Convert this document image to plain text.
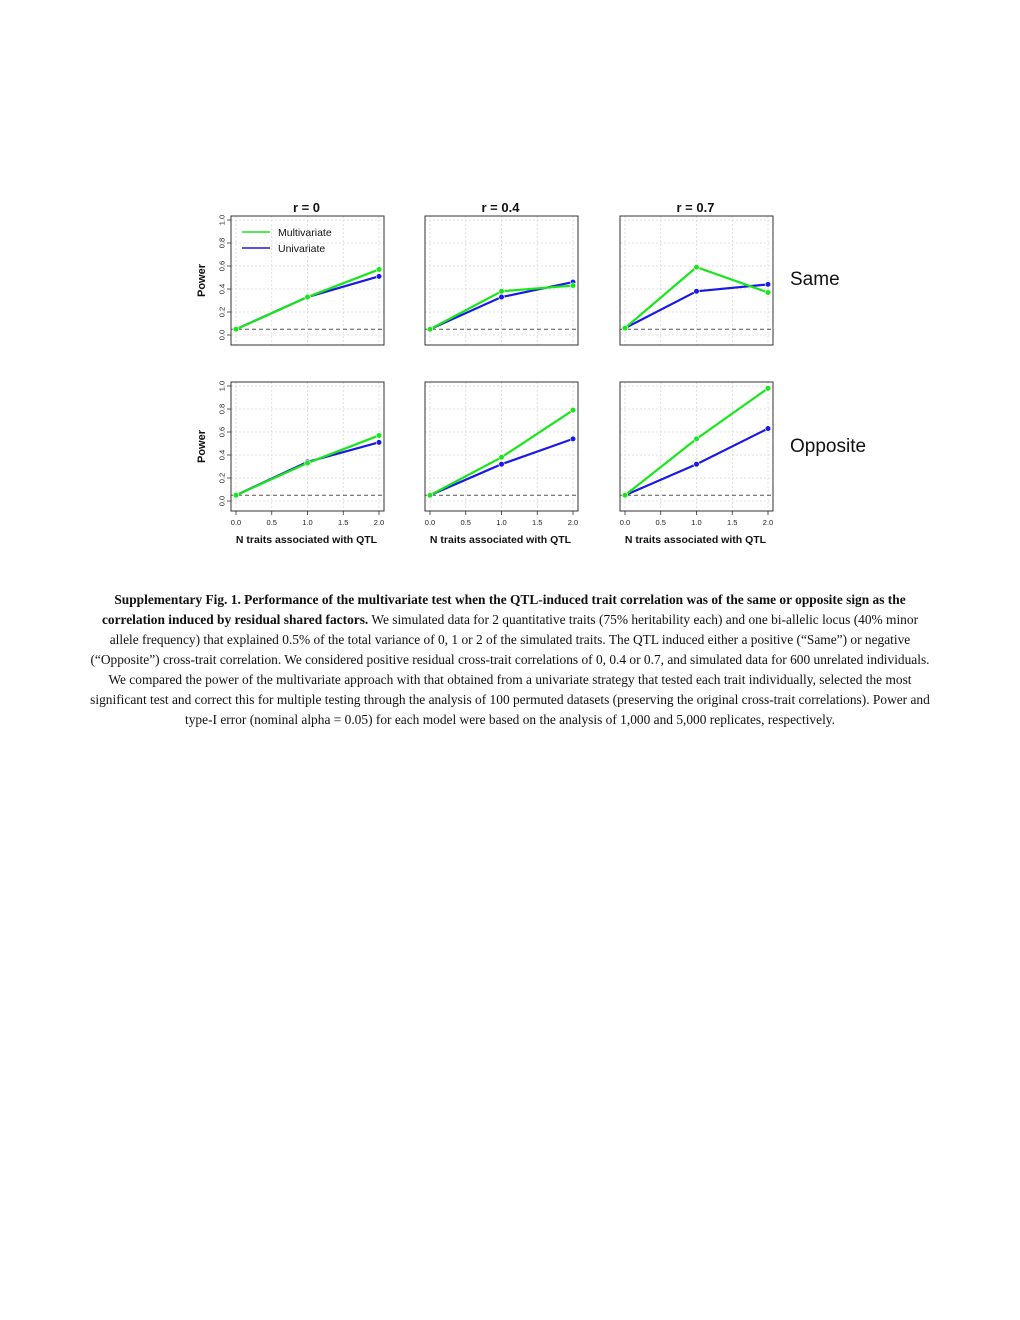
0.0
0.2
0.4
0.6
0.8
1.0
Power
r = 0	r = 0.4	r = 0.7
0.0
0.2
0.4
0.6
0.8
1.0
Power
0.0	0.5	1.0	1.5	2.0
N traits associated with QTL
0.0	0.5	1.0	1.5	2.0
N traits associated with QTL
0.0	0.5	1.0	1.5	2.0
N traits associated with QTL
Multivariate
Univariate
Same
Opposite
Supplementary Fig. 1. Performance of the multivariate test when the QTL-induced trait correlation was of the same or opposite sign as the correlation induced by residual shared factors. We simulated data for 2 quantitative traits (75% heritability each) and one bi-allelic locus (40% minor allele frequency) that explained 0.5% of the total variance of 0, 1 or 2 of the simulated traits. The QTL induced either a positive (“Same”) or negative (“Opposite”) cross-trait correlation. We considered positive residual cross-trait correlations of 0, 0.4 or 0.7, and simulated data for 600 unrelated individuals. We compared the power of the multivariate approach with that obtained from a univariate strategy that tested each trait individually, selected the most significant test and correct this for multiple testing through the analysis of 100 permuted datasets (preserving the original cross-trait correlations). Power and type-I error (nominal alpha = 0.05) for each model were based on the analysis of 1,000 and 5,000 replicates, respectively.
